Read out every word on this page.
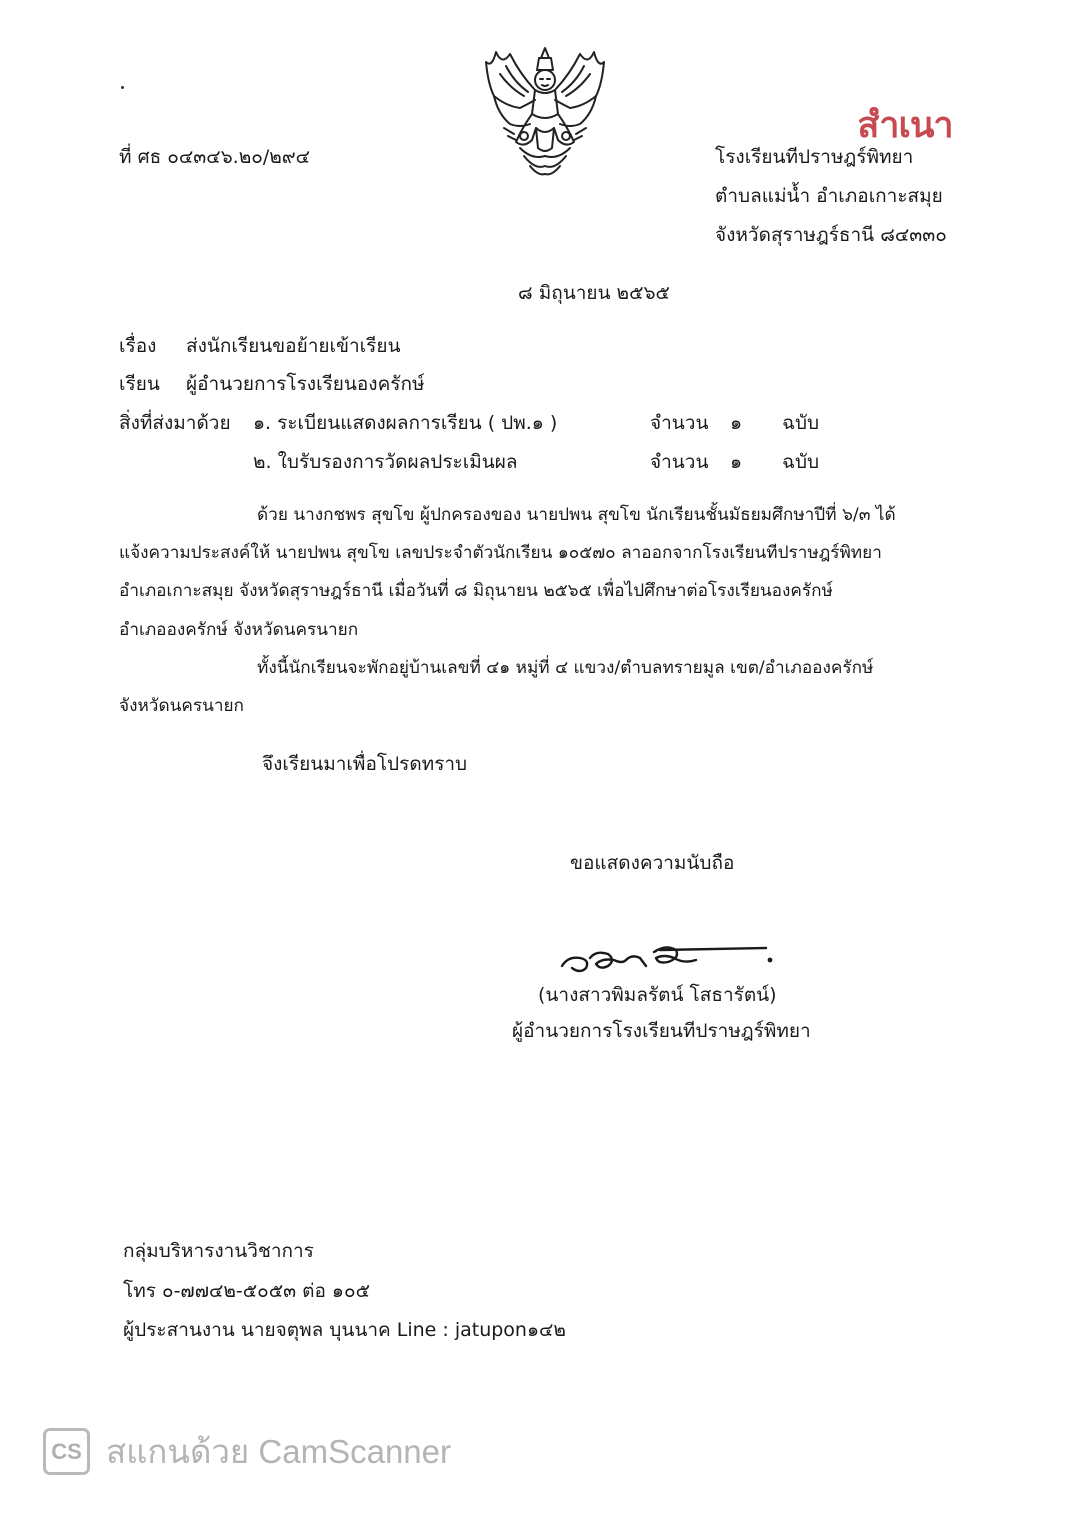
สำเนา
ที่ ศธ ๐๔๓๔๖.๒๐/๒๙๔	โรงเรียนทีปราษฎร์พิทยา
ตำบลแม่น้ำ อำเภอเกาะสมุย
จังหวัดสุราษฎร์ธานี ๘๔๓๓๐
๘ มิถุนายน ๒๕๖๕
เรื่อง ส่งนักเรียนขอย้ายเข้าเรียน
เรียน ผู้อำนวยการโรงเรียนองครักษ์
สิ่งที่ส่งมาด้วย ๑. ระเบียนแสดงผลการเรียน ( ปพ.๑ )	จำนวน ๑ ฉบับ
๒. ใบรับรองการวัดผลประเมินผล	จำนวน ๑ ฉบับ
ด้วย นางกชพร สุขโข ผู้ปกครองของ นายปพน สุขโข นักเรียนชั้นมัธยมศึกษาปีที่ ๖/๓ ได้
แจ้งความประสงค์ให้ นายปพน สุขโข เลขประจำตัวนักเรียน ๑๐๕๗๐ ลาออกจากโรงเรียนทีปราษฎร์พิทยา
อำเภอเกาะสมุย จังหวัดสุราษฎร์ธานี เมื่อวันที่ ๘ มิถุนายน ๒๕๖๕ เพื่อไปศึกษาต่อโรงเรียนองครักษ์
อำเภอองครักษ์ จังหวัดนครนายก
ทั้งนี้นักเรียนจะพักอยู่บ้านเลขที่ ๔๑ หมู่ที่ ๔ แขวง/ตำบลทรายมูล เขต/อำเภอองครักษ์
จังหวัดนครนายก
จึงเรียนมาเพื่อโปรดทราบ
ขอแสดงความนับถือ
(นางสาวพิมลรัตน์ โสธารัตน์)
ผู้อำนวยการโรงเรียนทีปราษฎร์พิทยา
กลุ่มบริหารงานวิชาการ
โทร ๐-๗๗๔๒-๕๐๕๓ ต่อ ๑๐๕
ผู้ประสานงาน นายจตุพล บุนนาค Line : jatupon๑๔๒
CS สแกนด้วย CamScanner
